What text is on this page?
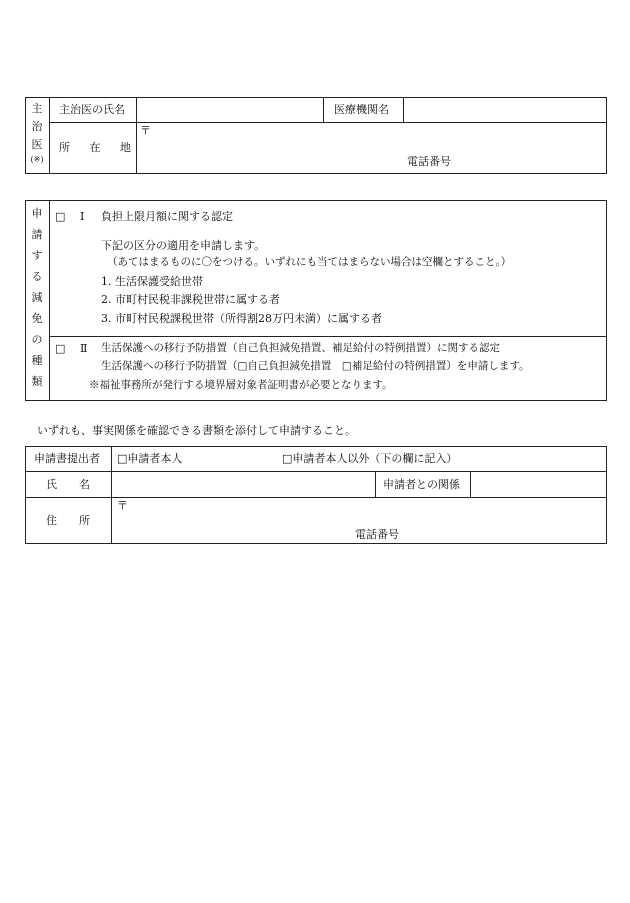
主
治
医
(※)
主治医の氏名	医療機関名
所 在 地
〒
電話番号
申
請
す
る
減
免
の
種
類
□ Ⅰ 負担上限月額に関する認定
下記の区分の適用を申請します。
（あてはまるものに〇をつける。いずれにも当てはまらない場合は空欄とすること。）
1. 生活保護受給世帯
2. 市町村民税非課税世帯に属する者
3. 市町村民税課税世帯（所得割28万円未満）に属する者
□ Ⅱ 生活保護への移行予防措置（自己負担減免措置、補足給付の特例措置）に関する認定
生活保護への移行予防措置（□自己負担減免措置　□補足給付の特例措置）を申請します。
※福祉事務所が発行する境界層対象者証明書が必要となります。
いずれも、事実関係を確認できる書類を添付して申請すること。
申請書提出者 □申請者本人	□申請者本人以外（下の欄に記入）
氏　　名	申請者との関係
住　　所
〒
電話番号
